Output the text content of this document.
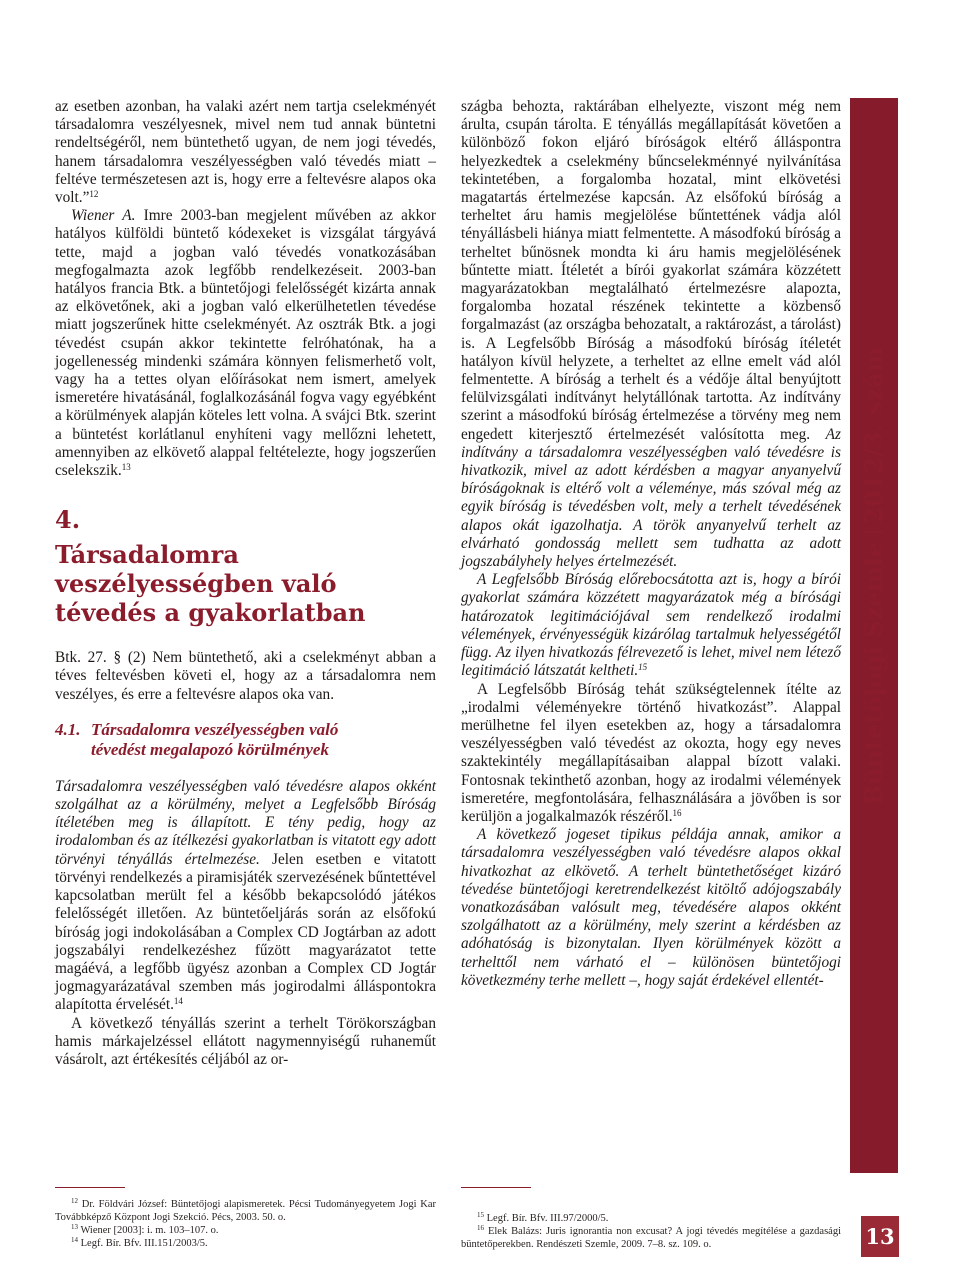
az esetben azonban, ha valaki azért nem tartja cselekményét társadalomra veszélyesnek, mivel nem tud annak büntetni rendeltségéről, nem büntethető ugyan, de nem jogi tévedés, hanem társadalomra veszélyességben való tévedés miatt – feltéve természetesen azt is, hogy erre a feltevésre alapos oka volt.”$^{12}$

Wiener A. Imre 2003-ban megjelent művében az akkor hatályos külföldi büntető kódexeket is vizsgálat tárgyává tette, majd a jogban való tévedés vonatkozásában megfogalmazta azok legfőbb rendelkezéseit. 2003-ban hatályos francia Btk. a büntetőjogi felelősségét kizárta annak az elkövetőnek, aki a jogban való elkerülhetetlen tévedése miatt jogszerűnek hitte cselekményét. Az osztrák Btk. a jogi tévedést csupán akkor tekintette felróhatónak, ha a jogellenesség mindenki számára könnyen felismerhető volt, vagy ha a tettes olyan előírásokat nem ismert, amelyek ismeretére hivatásánál, foglalkozásánál fogva vagy egyébként a körülmények alapján köteles lett volna. A svájci Btk. szerint a büntetést korlátlanul enyhíteni vagy mellőzni lehetett, amennyiben az elkövető alappal feltételezte, hogy jogszerűen cselekszik.$^{13}$

4.
Társadalomra veszélyességben való tévedés a gyakorlatban

Btk. 27. § (2) Nem büntethető, aki a cselekményt abban a téves feltevésben követi el, hogy az a társadalomra nem veszélyes, és erre a feltevésre alapos oka van.

4.1. Társadalomra veszélyességben való
tévedést megalapozó körülmények

Társadalomra veszélyességben való tévedésre alapos okként szolgálhat az a körülmény, melyet a Legfelsőbb Bíróság ítéletében meg is állapított. E tény pedig, hogy az irodalomban és az ítélkezési gyakorlatban is vitatott egy adott törvényi tényállás értelmezése. Jelen esetben e vitatott törvényi rendelkezés a piramisjáték szervezésének bűntettével kapcsolatban merült fel a később bekapcsolódó játékos felelősségét illetően. Az büntetőeljárás során az elsőfokú bíróság jogi indokolásában a Complex CD Jogtárban az adott jogszabályi rendelkezéshez fűzött magyarázatot tette magáévá, a legfőbb ügyész azonban a Complex CD Jogtár jogmagyarázatával szemben más jogirodalmi álláspontokra alapította érvelését.$^{14}$

A következő tényállás szerint a terhelt Törökországban hamis márkajelzéssel ellátott nagymennyiségű ruhaneműt vásárolt, azt értékesítés céljából az or-

szágba behozta, raktárában elhelyezte, viszont még nem árulta, csupán tárolta. E tényállás megállapítását követően a különböző fokon eljáró bíróságok eltérő álláspontra helyezkedtek a cselekmény bűncselekménnyé nyilvánítása tekintetében, a forgalomba hozatal, mint elkövetési magatartás értelmezése kapcsán. Az elsőfokú bíróság a terheltet áru hamis megjelölése bűntettének vádja alól tényállásbeli hiánya miatt felmentette. A másodfokú bíróság a terheltet bűnösnek mondta ki áru hamis megjelölésének bűntette miatt. Ítéletét a bírói gyakorlat számára közzétett magyarázatokban megtalálható értelmezésre alapozta, forgalomba hozatal részének tekintette a közbenső forgalmazást (az országba behozatalt, a raktározást, a tárolást) is. A Legfelsőbb Bíróság a másodfokú bíróság ítéletét hatályon kívül helyzete, a terheltet az ellne emelt vád alól felmentette. A bíróság a terhelt és a védője által benyújtott felülvizsgálati indítványt helytállónak tartotta. Az indítvány szerint a másodfokú bíróság értelmezése a törvény meg nem engedett kiterjesztő értelmezését valósította meg. Az indítvány a társadalomra veszélyességben való tévedésre is hivatkozik, mivel az adott kérdésben a magyar anyanyelvű bíróságoknak is eltérő volt a véleménye, más szóval még az egyik bíróság is tévedésben volt, mely a terhelt tévedésének alapos okát igazolhatja. A török anyanyelvű terhelt az elvárható gondosság mellett sem tudhatta az adott jogszabályhely helyes értelmezését.

A Legfelsőbb Bíróság előrebocsátotta azt is, hogy a bírói gyakorlat számára közzétett magyarázatok még a bírósági határozatok legitimációjával sem rendelkező irodalmi vélemények, érvényességük kizárólag tartalmuk helyességétől függ. Az ilyen hivatkozás félrevezető is lehet, mivel nem létező legitimáció látszatát keltheti.$^{15}$

A Legfelsőbb Bíróság tehát szükségtelennek ítélte az „irodalmi véleményekre történő hivatkozást”. Alappal merülhetne fel ilyen esetekben az, hogy a társadalomra veszélyességben való tévedést az okozta, hogy egy neves szaktekintély megállapításaiban alappal bízott valaki. Fontosnak tekinthető azonban, hogy az irodalmi vélemények ismeretére, megfontolására, felhasználására a jövőben is sor kerüljön a jogalkalmazók részéről.$^{16}$

A következő jogeset tipikus példája annak, amikor a társadalomra veszélyességben való tévedésre alapos okkal hivatkozhat az elkövető. A terhelt büntethetőséget kizáró tévedése büntetőjogi keretrendelkezést kitöltő adójogszabály vonatkozásában valósult meg, tévedésére alapos okként szolgálhatott az a körülmény, mely szerint a kérdésben az adóhatóság is bizonytalan. Ilyen körülmények között a terhelttől nem várható el – különösen büntetőjogi következmény terhe mellett –, hogy saját érdekével ellentét-

Büntetőjogi Szemle2012/3. szám

$^{12}$ Dr. Földvári József: Büntetőjogi alapismeretek. Pécsi Tudományegyetem Jogi Kar Továbbképző Központ Jogi Szekció. Pécs, 2003. 50. o.

$^{13}$ Wiener [2003]: i. m. 103–107. o.

$^{14}$ Legf. Bír. Bfv. III.151/2003/5.

$^{15}$ Legf. Bír. Bfv. III.97/2000/5.

$^{16}$ Elek Balázs: Juris ignorantia non excusat? A jogi tévedés megítélése a gazdasági büntetőperekben. Rendészeti Szemle, 2009. 7–8. sz. 109. o.	13
